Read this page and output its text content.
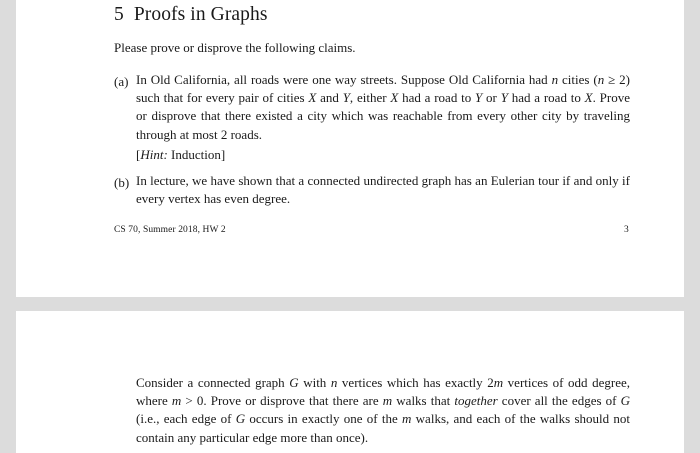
5 Proofs in Graphs
Please prove or disprove the following claims.
(a) In Old California, all roads were one way streets. Suppose Old California had n cities (n ≥ 2) such that for every pair of cities X and Y, either X had a road to Y or Y had a road to X. Prove or disprove that there existed a city which was reachable from every other city by traveling through at most 2 roads.
[Hint: Induction]
(b) In lecture, we have shown that a connected undirected graph has an Eulerian tour if and only if every vertex has even degree.
CS 70, Summer 2018, HW 2	3
Consider a connected graph G with n vertices which has exactly 2m vertices of odd degree, where m > 0. Prove or disprove that there are m walks that together cover all the edges of G (i.e., each edge of G occurs in exactly one of the m walks, and each of the walks should not contain any particular edge more than once).
